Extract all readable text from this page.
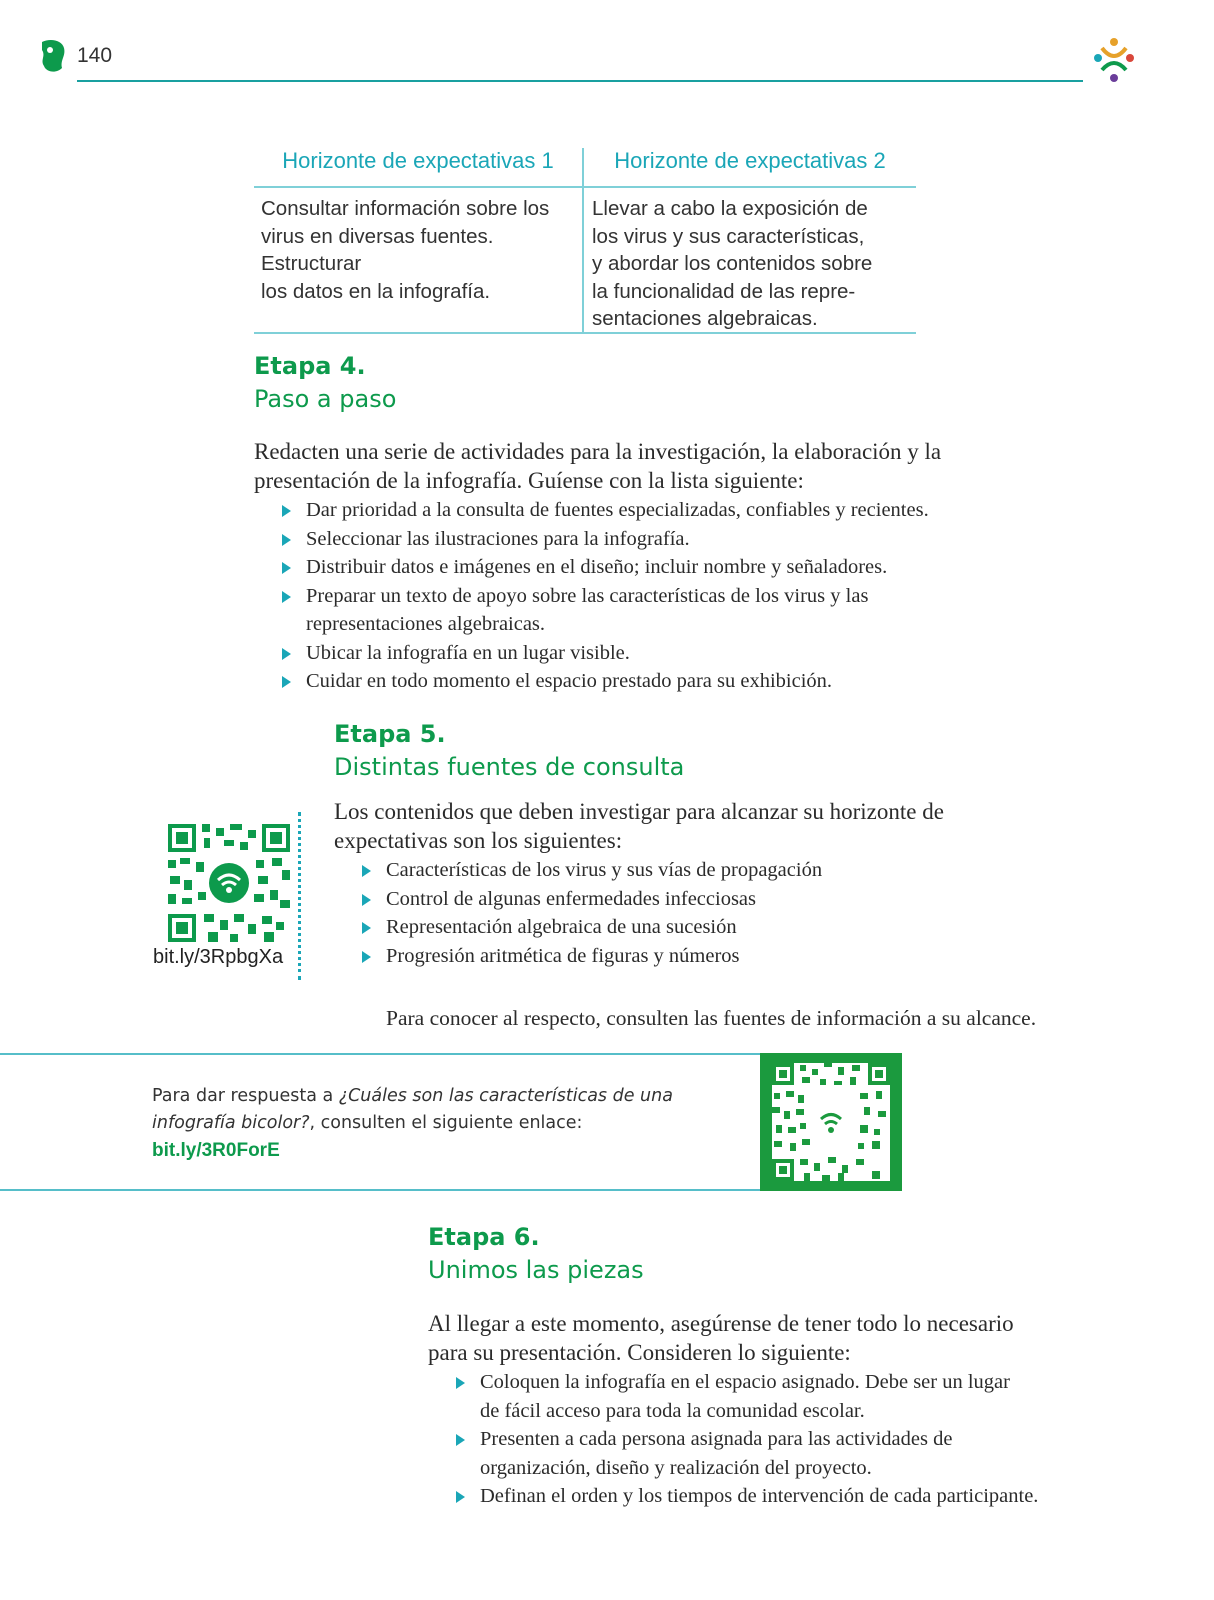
140
Horizonte de expectativas 1	Horizonte de expectativas 2
Consultar información sobre los
virus en diversas fuentes. Estructurar
los datos en la infografía.
Llevar a cabo la exposición de
los virus y sus características,
y abordar los contenidos sobre
la funcionalidad de las repre-
sentaciones algebraicas.
Etapa 4.
Paso a paso
Redacten una serie de actividades para la investigación, la elaboración y la
presentación de la infografía. Guíense con la lista siguiente:
Dar prioridad a la consulta de fuentes especializadas, confiables y recientes.
Seleccionar las ilustraciones para la infografía.
Distribuir datos e imágenes en el diseño; incluir nombre y señaladores.
Preparar un texto de apoyo sobre las características de los virus y las
representaciones algebraicas.
Ubicar la infografía en un lugar visible.
Cuidar en todo momento el espacio prestado para su exhibición.
Etapa 5.
Distintas fuentes de consulta
bit.ly/3RpbgXa
Los contenidos que deben investigar para alcanzar su horizonte de
expectativas son los siguientes:
Características de los virus y sus vías de propagación
Control de algunas enfermedades infecciosas
Representación algebraica de una sucesión
Progresión aritmética de figuras y números
Para conocer al respecto, consulten las fuentes de información a su alcance.
Para dar respuesta a ¿Cuáles son las características de una infografía bicolor?, consulten el siguiente enlace:
bit.ly/3R0ForE
Etapa 6.
Unimos las piezas
Al llegar a este momento, asegúrense de tener todo lo necesario
para su presentación. Consideren lo siguiente:
Coloquen la infografía en el espacio asignado. Debe ser un lugar
de fácil acceso para toda la comunidad escolar.
Presenten a cada persona asignada para las actividades de
organización, diseño y realización del proyecto.
Definan el orden y los tiempos de intervención de cada participante.
